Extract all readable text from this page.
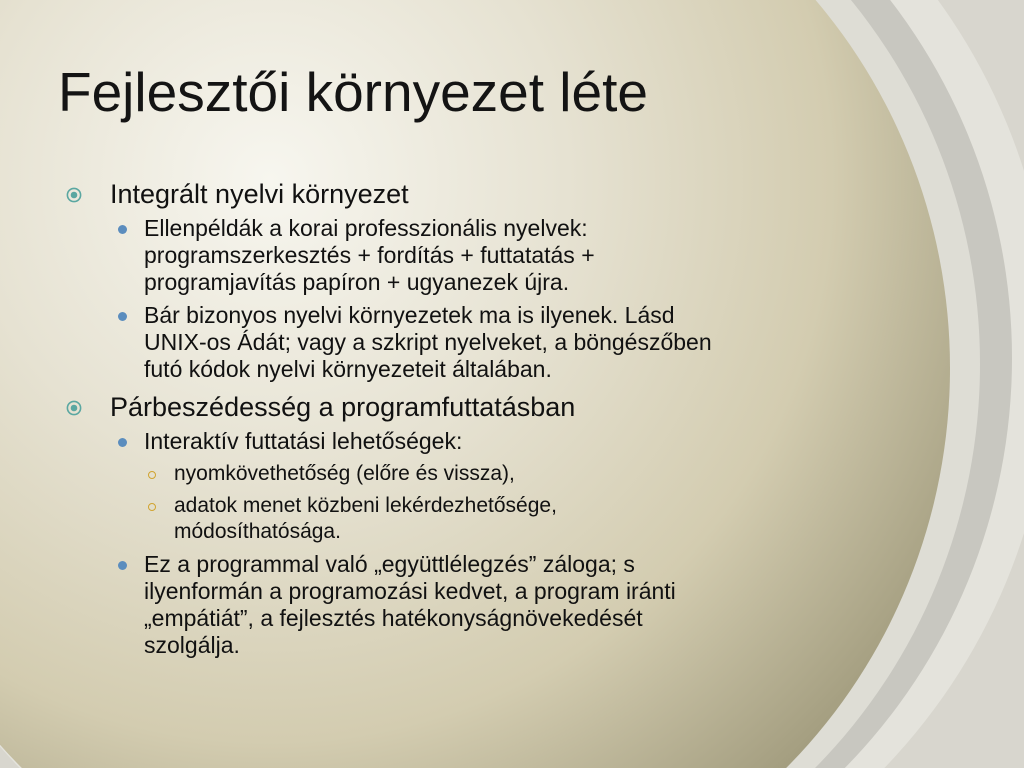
Fejlesztői környezet léte
Integrált nyelvi környezet
Ellenpéldák a korai professzionális nyelvek:
programszerkesztés + fordítás + futtatatás +
programjavítás papíron + ugyanezek újra.
Bár bizonyos nyelvi környezetek ma is ilyenek. Lásd
UNIX-os Ádát; vagy a szkript nyelveket, a böngészőben
futó kódok nyelvi környezeteit általában.
Párbeszédesség a programfuttatásban
Interaktív futtatási lehetőségek:
nyomkövethetőség (előre és vissza),
adatok menet közbeni lekérdezhetősége,
módosíthatósága.
Ez a programmal való „együttlélegzés” záloga; s
ilyenformán a programozási kedvet, a program iránti
„empátiát”, a fejlesztés hatékonyságnövekedését
szolgálja.
